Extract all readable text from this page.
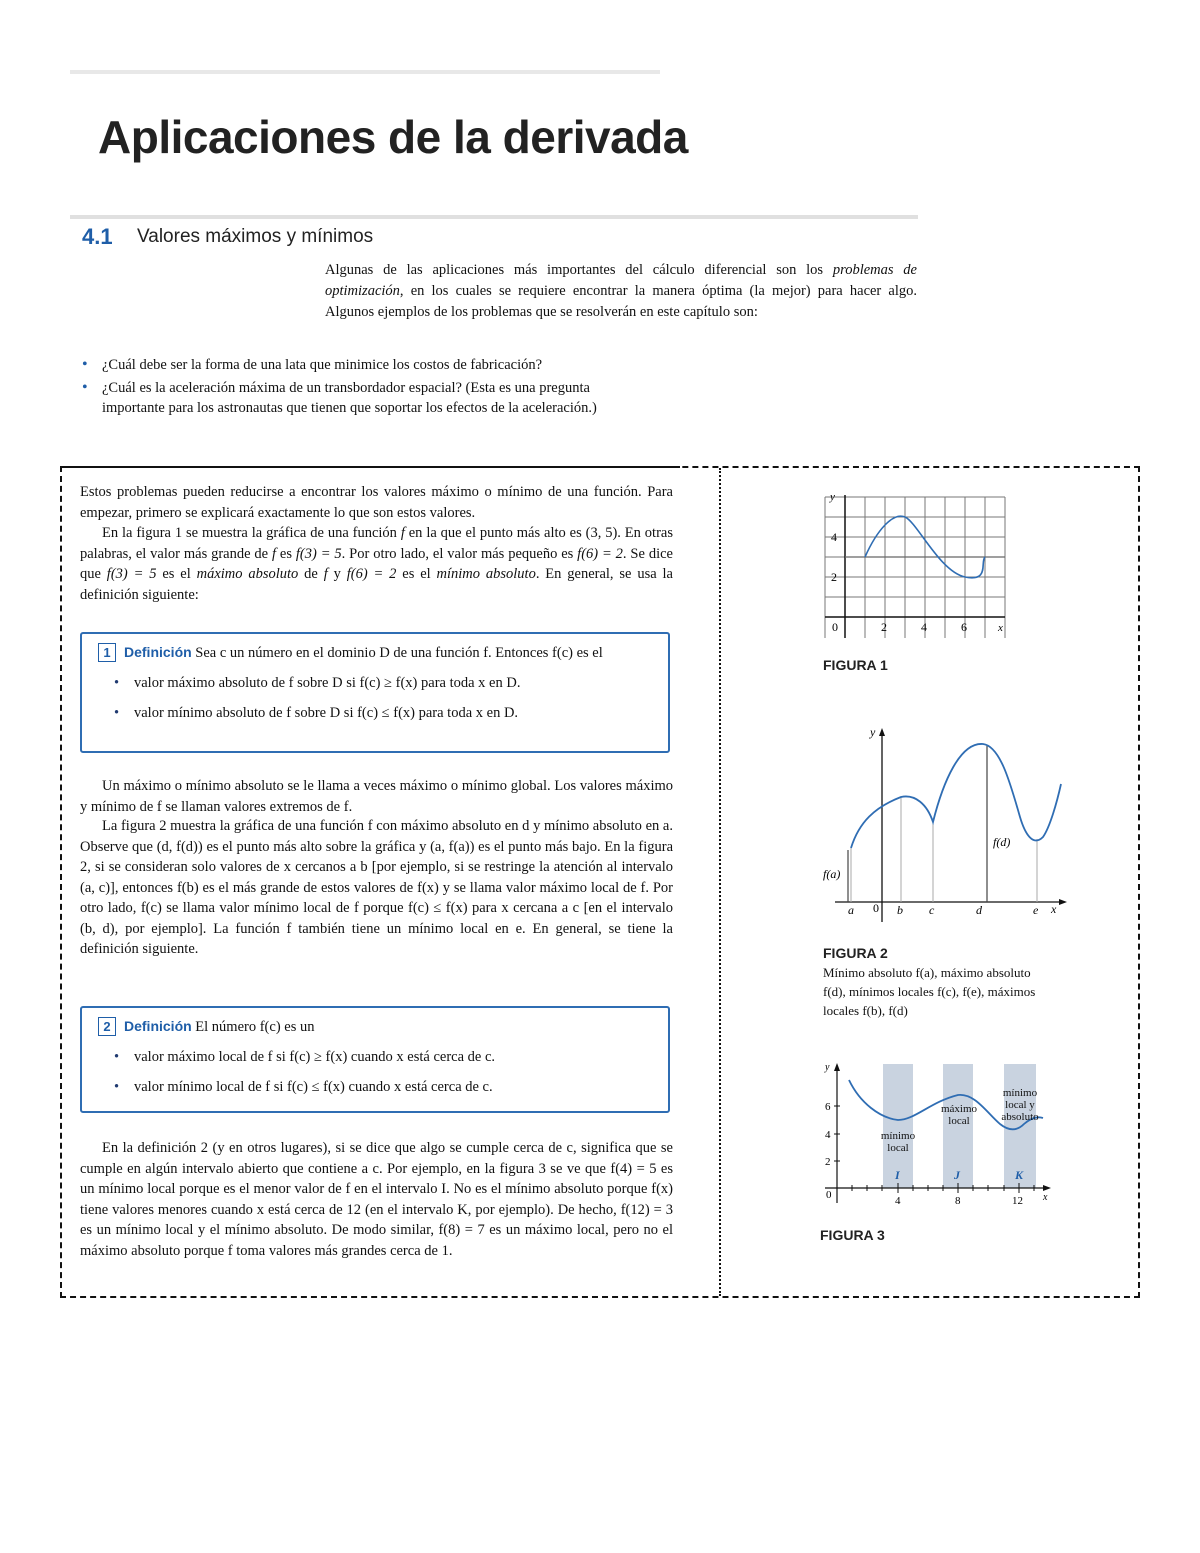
Aplicaciones de la derivada
4.1 Valores máximos y mínimos
Algunas de las aplicaciones más importantes del cálculo diferencial son los problemas de optimización, en los cuales se requiere encontrar la manera óptima (la mejor) para hacer algo. Algunos ejemplos de los problemas que se resolverán en este capítulo son:
• ¿Cuál debe ser la forma de una lata que minimice los costos de fabricación?
• ¿Cuál es la aceleración máxima de un transbordador espacial? (Esta es una pregunta importante para los astronautas que tienen que soportar los efectos de la aceleración.)

Estos problemas pueden reducirse a encontrar los valores máximo o mínimo de una función. Para empezar, primero se explicará exactamente lo que son estos valores.

En la figura 1 se muestra la gráfica de una función f en la que el punto más alto es (3, 5). En otras palabras, el valor más grande de f es f(3) = 5. Por otro lado, el valor más pequeño es f(6) = 2. Se dice que f(3) = 5 es el máximo absoluto de f y f(6) = 2 es el mínimo absoluto. En general, se usa la definición siguiente:

1 Definición Sea c un número en el dominio D de una función f. Entonces f(c) es el
• valor máximo absoluto de f sobre D si f(c) ≥ f(x) para toda x en D.
• valor mínimo absoluto de f sobre D si f(c) ≤ f(x) para toda x en D.

Un máximo o mínimo absoluto se le llama a veces máximo o mínimo global. Los valores máximo y mínimo de f se llaman valores extremos de f.

La figura 2 muestra la gráfica de una función f con máximo absoluto en d y mínimo absoluto en a. Observe que (d, f(d)) es el punto más alto sobre la gráfica y (a, f(a)) es el punto más bajo. En la figura 2, si se consideran solo valores de x cercanos a b [por ejemplo, si se restringe la atención al intervalo (a, c)], entonces f(b) es el más grande de estos valores de f(x) y se llama valor máximo local de f. Por otro lado, f(c) se llama valor mínimo local de f porque f(c) ≤ f(x) para x cercana a c [en el intervalo (b, d), por ejemplo]. La función f también tiene un mínimo local en e. En general, se tiene la definición siguiente.

2 Definición El número f(c) es un
• valor máximo local de f si f(c) ≥ f(x) cuando x está cerca de c.
• valor mínimo local de f si f(c) ≤ f(x) cuando x está cerca de c.

En la definición 2 (y en otros lugares), si se dice que algo se cumple cerca de c, significa que se cumple en algún intervalo abierto que contiene a c. Por ejemplo, en la figura 3 se ve que f(4) = 5 es un mínimo local porque es el menor valor de f en el intervalo I. No es el mínimo absoluto porque f(x) tiene valores menores cuando x está cerca de 12 (en el intervalo K, por ejemplo). De hecho, f(12) = 3 es un mínimo local y el mínimo absoluto. De modo similar, f(8) = 7 es un máximo local, pero no el máximo absoluto porque f toma valores más grandes cerca de 1.

y
x
0	2	4	6
4
2
FIGURA 1
y
x
a 0 b c	d	e
f(a)
f(d)
FIGURA 2
Mínimo absoluto f(a), máximo absoluto f(d), mínimos locales f(c), f(e), máximos locales f(b), f(d)
y
x
6
4
2
0	4	8	12
I	J	K
mínimo local
máximo local
mínimo local y absoluto
FIGURA 3
